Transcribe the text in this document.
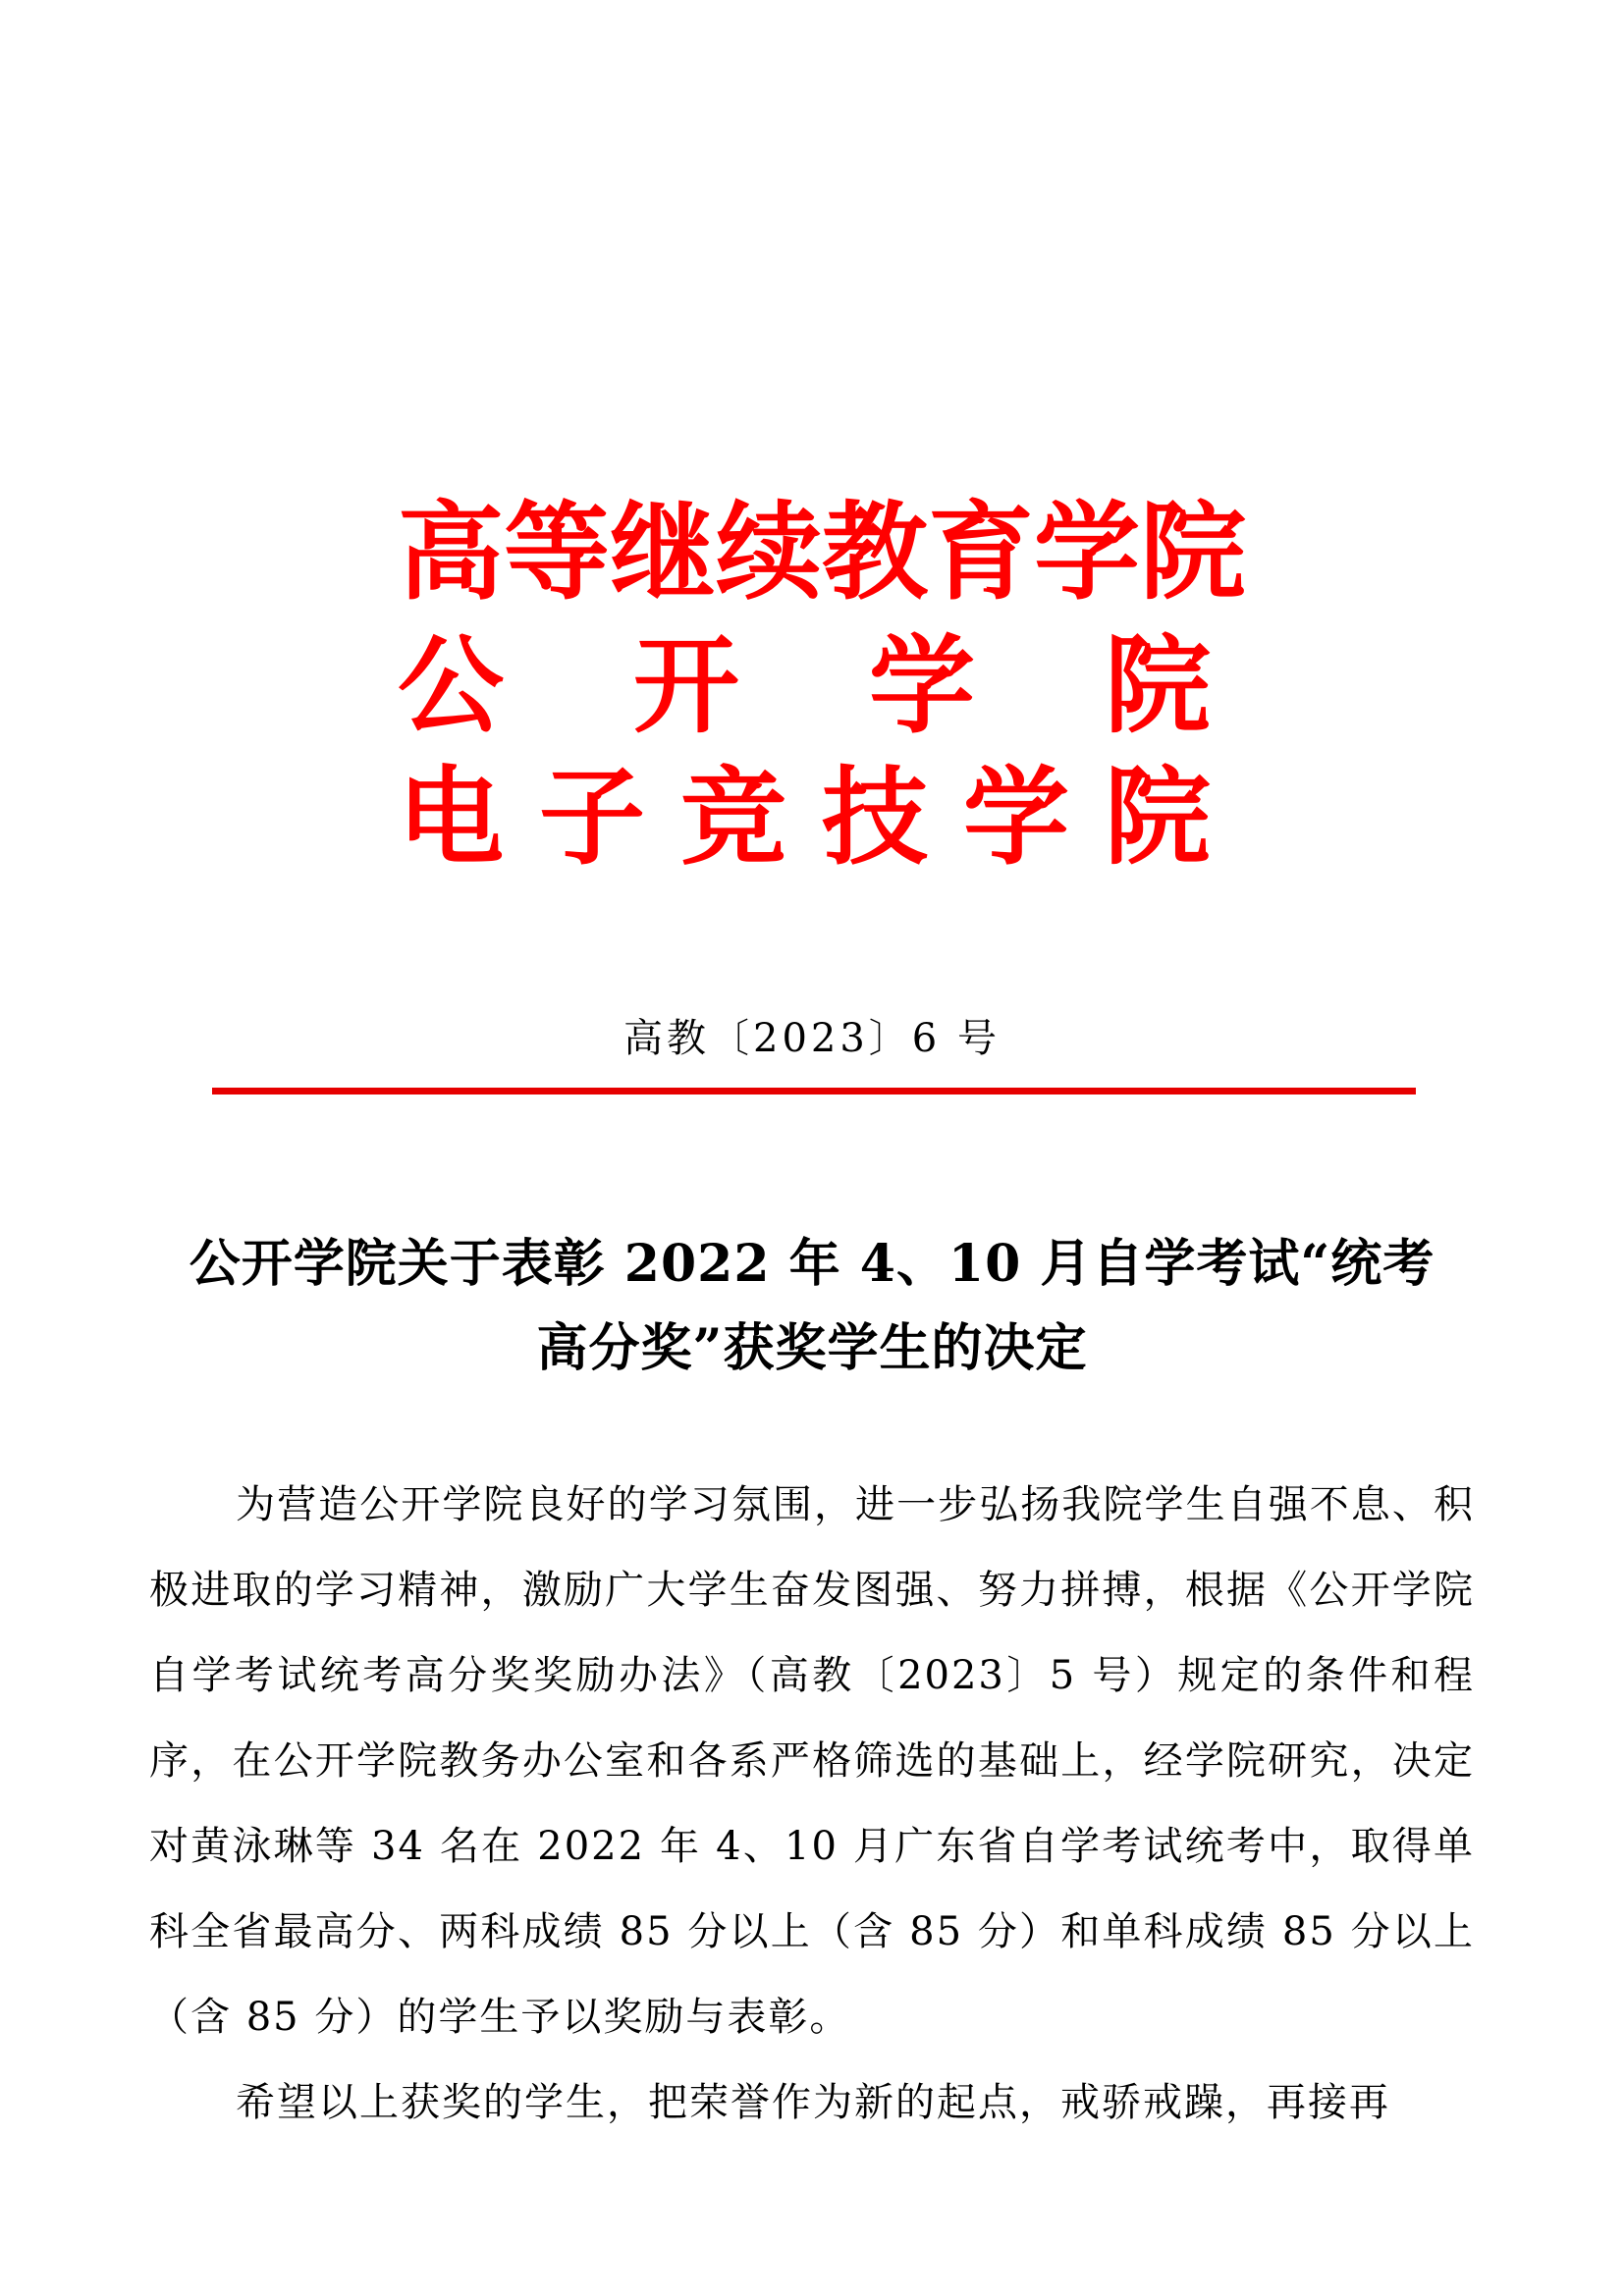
高等继续教育学院
公 开 学 院
电 子 竞 技 学 院
高教〔2023〕6 号
公开学院关于表彰 2022 年 4、10 月自学考试“统考
高分奖”获奖学生的决定

为营造公开学院良好的学习氛围，进一步弘扬我院学生自强不息、积极进取的学习精神，激励广大学生奋发图强、努力拼搏，根据《公开学院自学考试统考高分奖奖励办法》（高教〔2023〕5 号）规定的条件和程序，在公开学院教务办公室和各系严格筛选的基础上，经学院研究，决定对黄泳琳等 34 名在 2022 年 4、10 月广东省自学考试统考中，取得单科全省最高分、两科成绩 85 分以上（含 85 分）和单科成绩 85 分以上（含 85 分）的学生予以奖励与表彰。

希望以上获奖的学生，把荣誉作为新的起点，戒骄戒躁，再接再
